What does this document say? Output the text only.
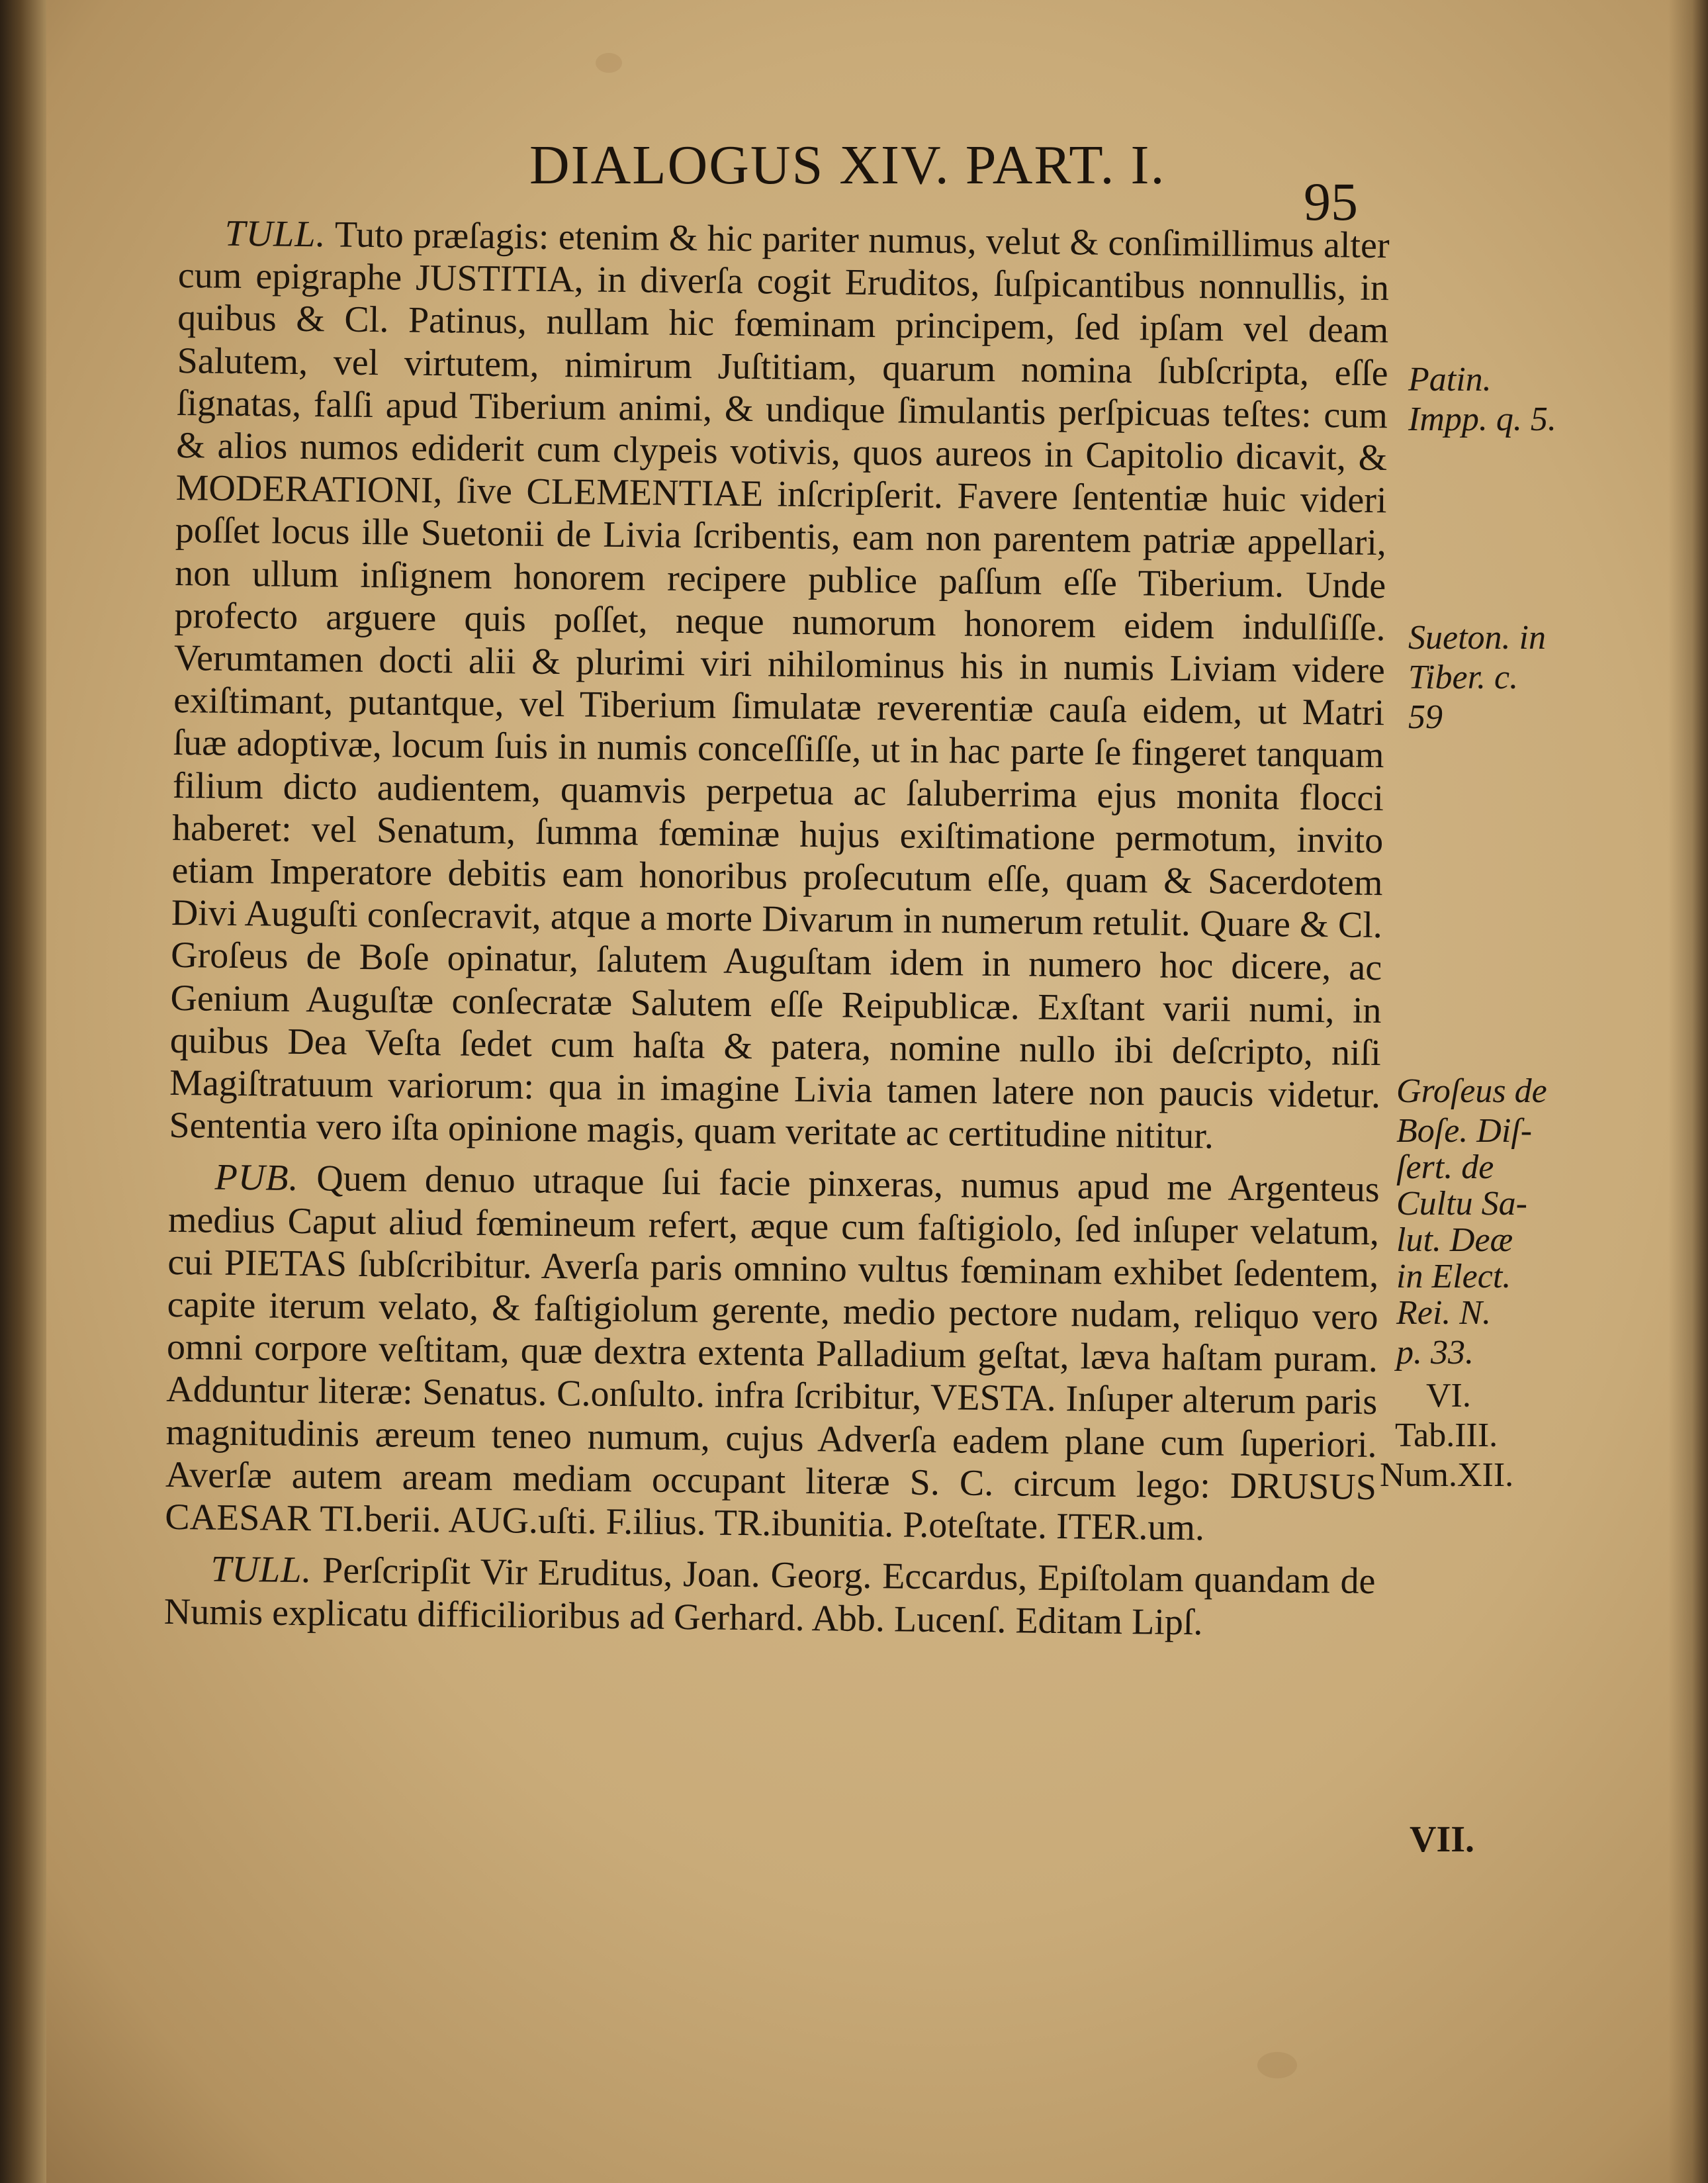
DIALOGUS XIV. PART. I.
95

TULL. Tuto præſagis: etenim & hic pariter numus, velut & conſimillimus alter cum epigraphe JUSTITIA, in diverſa cogit Eruditos, ſuſpicantibus nonnullis, in quibus & Cl. Patinus, nullam hic fœminam principem, ſed ipſam vel deam Salutem, vel virtutem, nimirum Juſtitiam, quarum nomina ſubſcripta, eſſe ſignatas, falſi apud Tiberium animi, & undique ſimulantis perſpicuas teſtes: cum & alios numos ediderit cum clypeis votivis, quos aureos in Capitolio dicavit, & MODERATIONI, ſive CLEMENTIAE inſcripſerit. Favere ſententiæ huic videri poſſet locus ille Suetonii de Livia ſcribentis, eam non parentem patriæ appellari, non ullum inſignem honorem recipere publice paſſum eſſe Tiberium. Unde profecto arguere quis poſſet, neque numorum honorem eidem indulſiſſe. Verumtamen docti alii & plurimi viri nihilominus his in numis Liviam videre exiſtimant, putantque, vel Tiberium ſimulatæ reverentiæ cauſa eidem, ut Matri ſuæ adoptivæ, locum ſuis in numis conceſſiſſe, ut in hac parte ſe fingeret tanquam filium dicto audientem, quamvis perpetua ac ſaluberrima ejus monita flocci haberet: vel Senatum, ſumma fœminæ hujus exiſtimatione permotum, invito etiam Imperatore debitis eam honoribus proſecutum eſſe, quam & Sacerdotem Divi Auguſti conſecravit, atque a morte Divarum in numerum retulit. Quare & Cl. Groſeus de Boſe opinatur, ſalutem Auguſtam idem in numero hoc dicere, ac Genium Auguſtæ conſecratæ Salutem eſſe Reipublicæ. Exſtant varii numi, in quibus Dea Veſta ſedet cum haſta & patera, nomine nullo ibi deſcripto, niſi Magiſtratuum variorum: qua in imagine Livia tamen latere non paucis videtur. Sententia vero iſta opinione magis, quam veritate ac certitudine nititur.

PUB. Quem denuo utraque ſui facie pinxeras, numus apud me Argenteus medius Caput aliud fœmineum refert, æque cum faſtigiolo, ſed inſuper velatum, cui PIETAS ſubſcribitur. Averſa paris omnino vultus fœminam exhibet ſedentem, capite iterum velato, & faſtigiolum gerente, medio pectore nudam, reliquo vero omni corpore veſtitam, quæ dextra extenta Palladium geſtat, læva haſtam puram. Adduntur literæ: Senatus. C.onſulto. infra ſcribitur, VESTA. Inſuper alterum paris magnitudinis æreum teneo numum, cujus Adverſa eadem plane cum ſuperiori. Averſæ autem aream mediam occupant literæ S. C. circum lego: DRUSUS CAESAR TI.berii. AUG.uſti. F.ilius. TR.ibunitia. P.oteſtate. ITER.um.

TULL. Perſcripſit Vir Eruditus, Joan. Georg. Eccardus, Epiſtolam quandam de Numis explicatu difficilioribus ad Gerhard. Abb. Lucenſ. Editam Lipſ.

Patin.
Impp. q. 5.
Sueton. in
Tiber. c.
59
Groſeus de
Boſe. Diſ-
ſert. de
Cultu Sa-
lut. Deæ
in Elect.
Rei. N.
p. 33.
VI.
Tab.III.
Num.XII.
VII.
